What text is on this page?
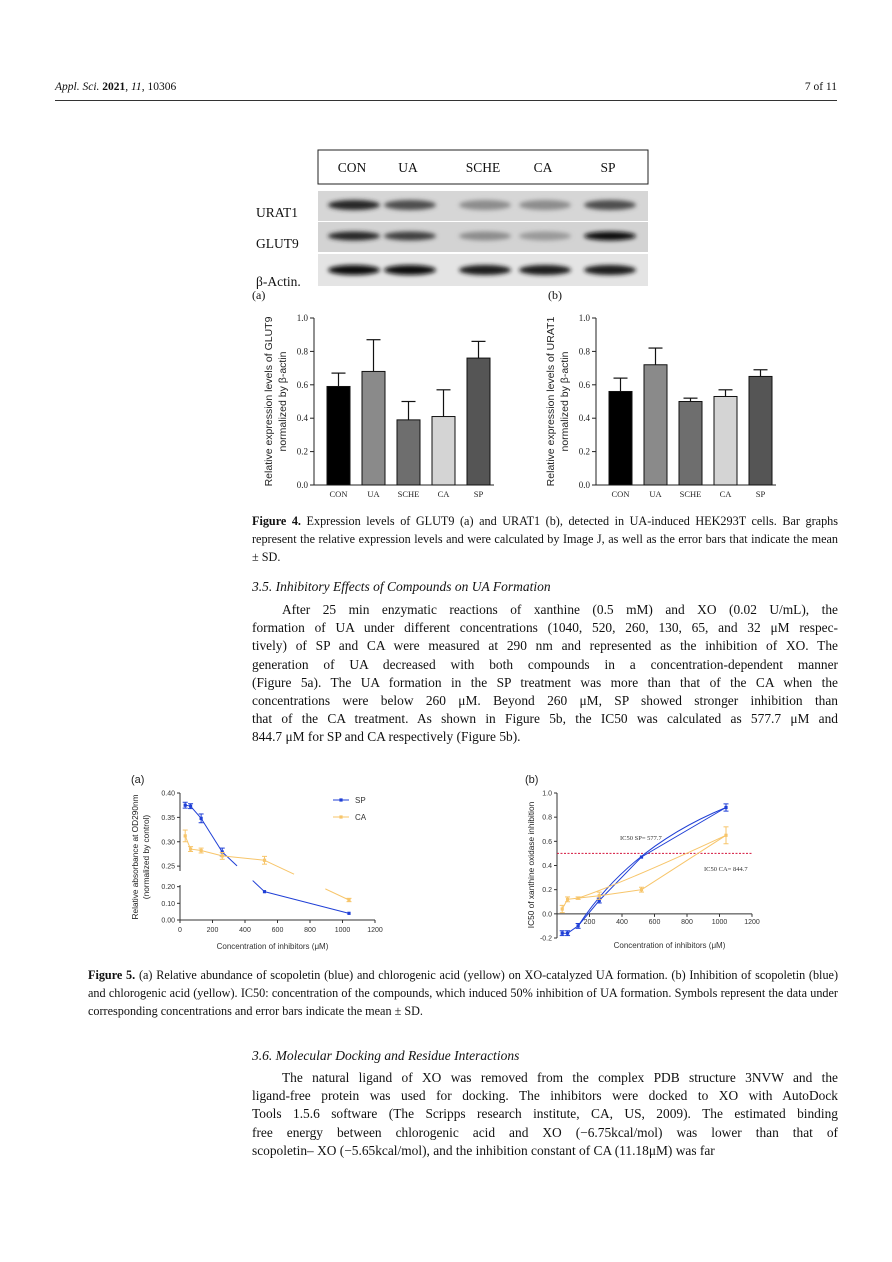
Appl. Sci. 2021, 11, 10306	7 of 11
CON UA	SCHE CA	SP
URAT1
GLUT9
β-Actin.
(a)	(b)
Relative expression levels of GLUT9 normalized by β-actin
0.0
0.2
0.4
0.6
0.8
1.0
CON UA SCHE CA	SP
Relative expression levels of URAT1 normalized by β-actin
0.0
0.2
0.4
0.6
0.8
1.0
CON UA SCHE CA	SP
Figure 4. Expression levels of GLUT9 (a) and URAT1 (b), detected in UA-induced HEK293T cells. Bar graphs represent the relative expression levels and were calculated by Image J, as well as the error bars that indicate the mean ± SD.
3.5. Inhibitory Effects of Compounds on UA Formation
After 25 min enzymatic reactions of xanthine (0.5 mM) and XO (0.02 U/mL), the
formation of UA under different concentrations (1040, 520, 260, 130, 65, and 32 μM respec-
tively) of SP and CA were measured at 290 nm and represented as the inhibition of XO. The
generation of UA decreased with both compounds in a concentration-dependent manner
(Figure 5a). The UA formation in the SP treatment was more than that of the CA when the
concentrations were below 260 μM. Beyond 260 μM, SP showed stronger inhibition than
that of the CA treatment. As shown in Figure 5b, the IC50 was calculated as 577.7 μM and
844.7 μM for SP and CA respectively (Figure 5b).
(a)	(b)
Relative absorbance at OD290nm (normalized by control) 0.25
0.30
0.35
0.40
0.00
0.10
0.20
0	200	400	600	800	1000 1200
Concentration of inhibitors (μM)
SP
CA	IC50 of xanthine oxidase inhibition
-0.2
0.0
0.2
0.4
0.6
0.8
1.0
200	400	600	800	1000 1200
Concentration of inhibitors (μM)
IC50 SP= 577.7
IC50 CA= 844.7
Figure 5. (a) Relative abundance of scopoletin (blue) and chlorogenic acid (yellow) on XO-catalyzed UA formation. (b) Inhibition of scopoletin (blue) and chlorogenic acid (yellow). IC50: concentration of the compounds, which induced 50% inhibition of UA formation. Symbols represent the data under corresponding concentrations and error bars indicate the mean ± SD.
3.6. Molecular Docking and Residue Interactions
The natural ligand of XO was removed from the complex PDB structure 3NVW and the
ligand-free protein was used for docking. The inhibitors were docked to XO with AutoDock
Tools 1.5.6 software (The Scripps research institute, CA, US, 2009). The estimated binding
free energy between chlorogenic acid and XO (−6.75kcal/mol) was lower than that of
scopoletin– XO (−5.65kcal/mol), and the inhibition constant of CA (11.18μM) was far
